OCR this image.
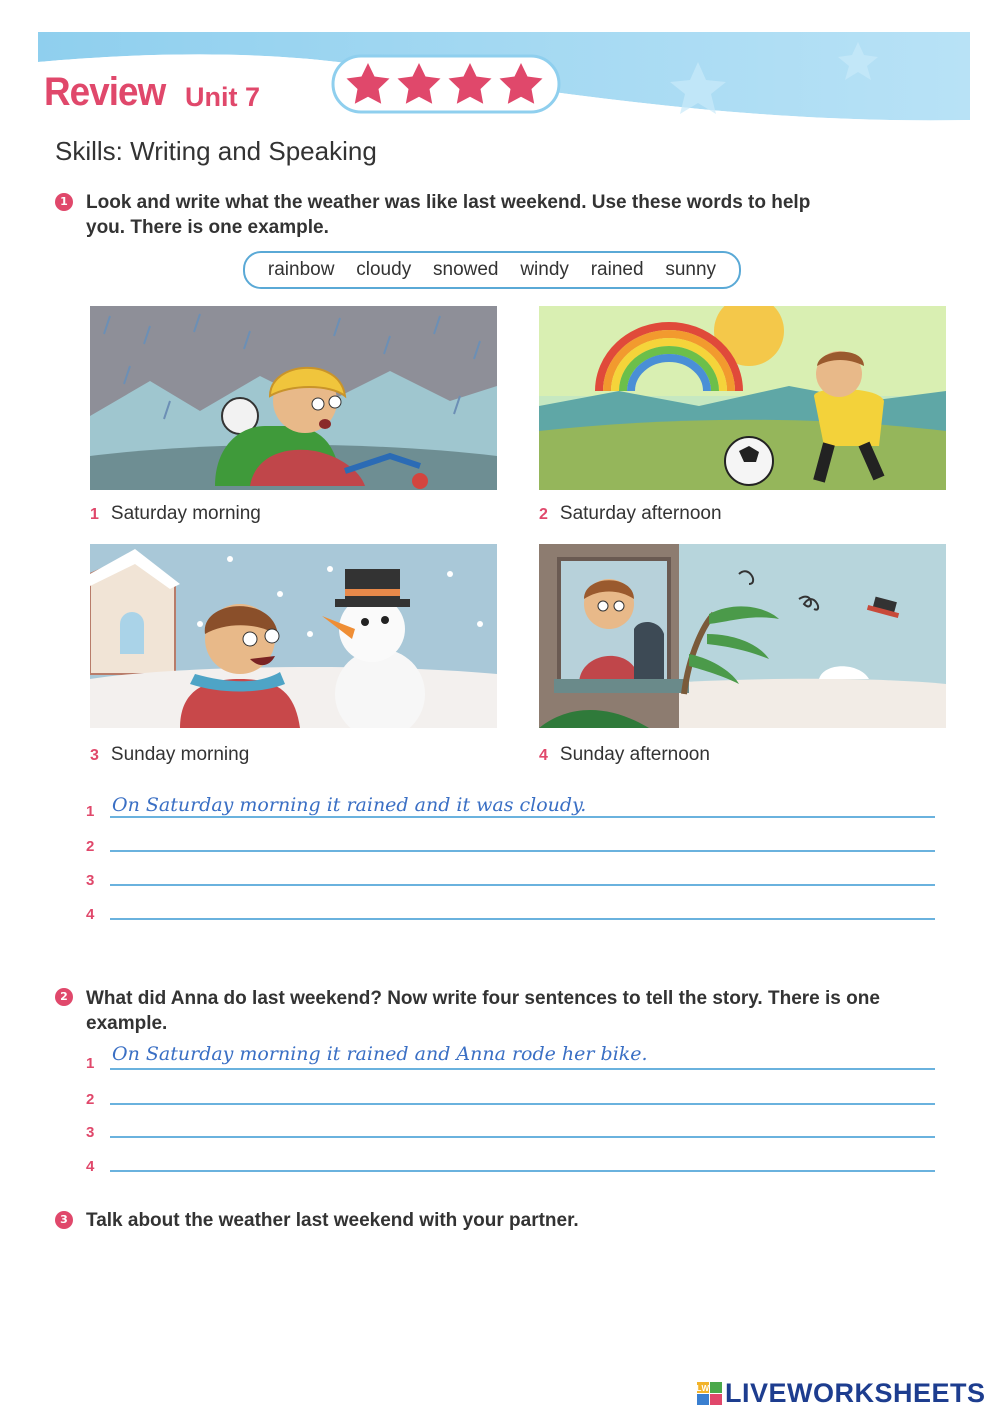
Review Unit 7
Skills: Writing and Speaking
1 Look and write what the weather was like last weekend. Use these words to help
you. There is one example.
rainbow cloudy snowed windy rained sunny
1 Saturday morning	2 Saturday afternoon
3 Sunday morning	4 Sunday afternoon
1 On Saturday morning it rained and it was cloudy.
2
3
4
2 What did Anna do last weekend? Now write four sentences to tell the story. There is one
example.
1 On Saturday morning it rained and Anna rode her bike.
2
3
4
3 Talk about the weather last weekend with your partner.
LW LIVEWORKSHEETS
